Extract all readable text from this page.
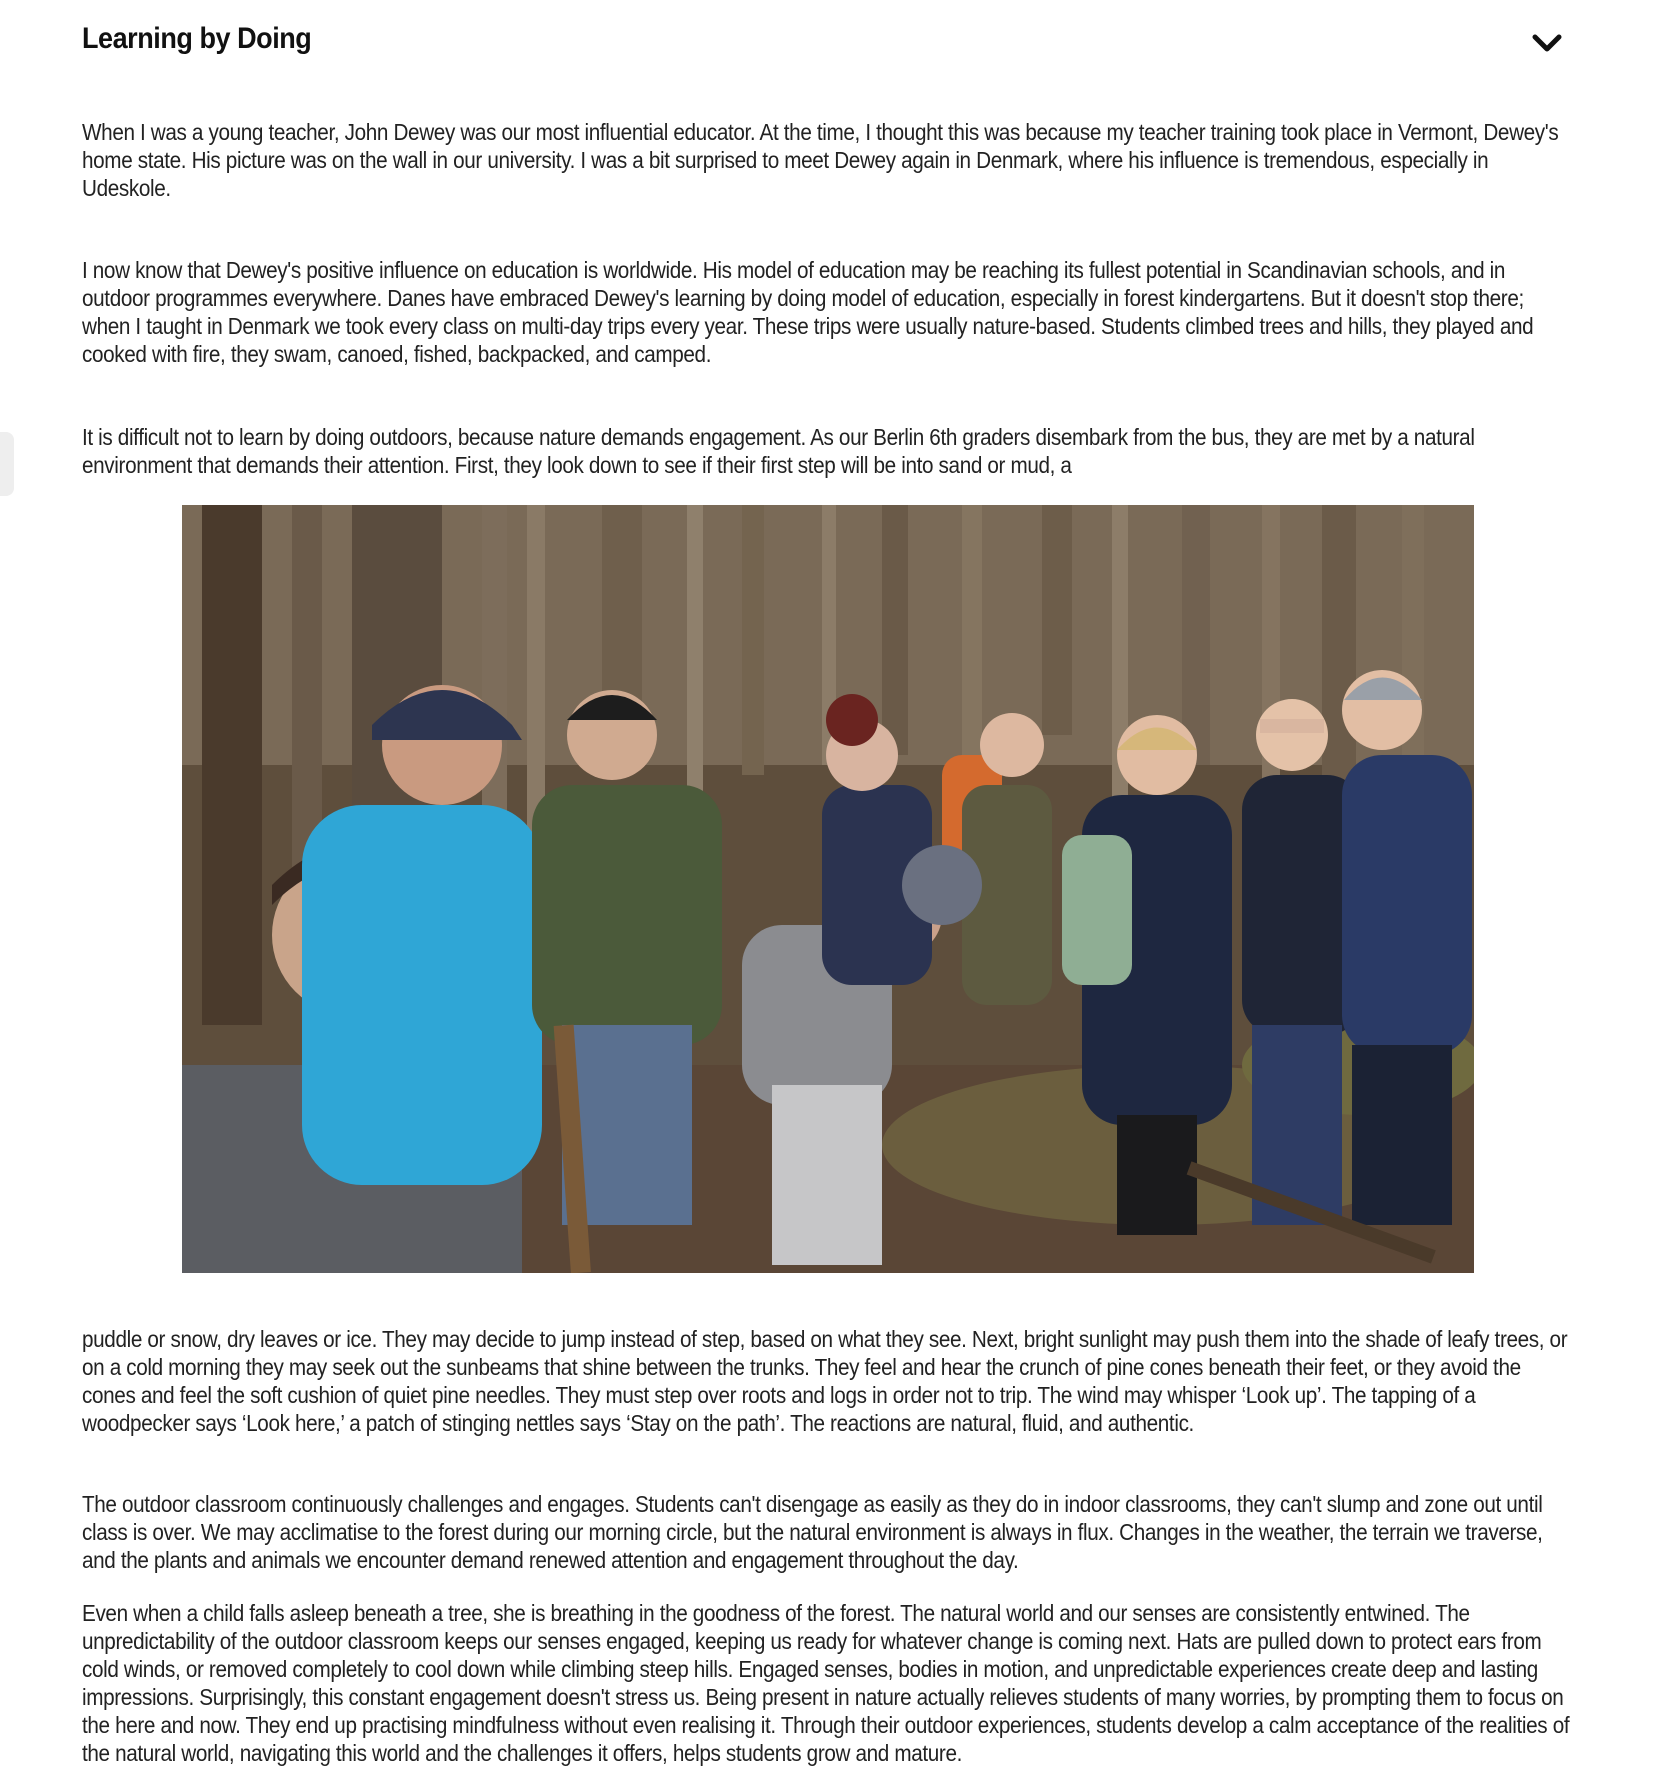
Learning by Doing

When I was a young teacher, John Dewey was our most influential educator. At the time, I thought this was because my teacher training took place in Vermont, Dewey's home state. His picture was on the wall in our university. I was a bit surprised to meet Dewey again in Denmark, where his influence is tremendous, especially in Udeskole.

I now know that Dewey's positive influence on education is worldwide. His model of education may be reaching its fullest potential in Scandinavian schools, and in outdoor programmes everywhere. Danes have embraced Dewey's learning by doing model of education, especially in forest kindergartens. But it doesn't stop there; when I taught in Denmark we took every class on multi-day trips every year. These trips were usually nature-based. Students climbed trees and hills, they played and cooked with fire, they swam, canoed, fished, backpacked, and camped.

It is difficult not to learn by doing outdoors, because nature demands engagement. As our Berlin 6th graders disembark from the bus, they are met by a natural environment that demands their attention. First, they look down to see if their first step will be into sand or mud, a

puddle or snow, dry leaves or ice. They may decide to jump instead of step, based on what they see. Next, bright sunlight may push them into the shade of leafy trees, or on a cold morning they may seek out the sunbeams that shine between the trunks. They feel and hear the crunch of pine cones beneath their feet, or they avoid the cones and feel the soft cushion of quiet pine needles. They must step over roots and logs in order not to trip. The wind may whisper ‘Look up’. The tapping of a woodpecker says ‘Look here,’ a patch of stinging nettles says ‘Stay on the path’. The reactions are natural, fluid, and authentic.

The outdoor classroom continuously challenges and engages. Students can't disengage as easily as they do in indoor classrooms, they can't slump and zone out until class is over. We may acclimatise to the forest during our morning circle, but the natural environment is always in flux. Changes in the weather, the terrain we traverse, and the plants and animals we encounter demand renewed attention and engagement throughout the day.

Even when a child falls asleep beneath a tree, she is breathing in the goodness of the forest. The natural world and our senses are consistently entwined. The unpredictability of the outdoor classroom keeps our senses engaged, keeping us ready for whatever change is coming next. Hats are pulled down to protect ears from cold winds, or removed completely to cool down while climbing steep hills. Engaged senses, bodies in motion, and unpredictable experiences create deep and lasting impressions. Surprisingly, this constant engagement doesn't stress us. Being present in nature actually relieves students of many worries, by prompting them to focus on the here and now. They end up practising mindfulness without even realising it. Through their outdoor experiences, students develop a calm acceptance of the realities of the natural world, navigating this world and the challenges it offers, helps students grow and mature.
